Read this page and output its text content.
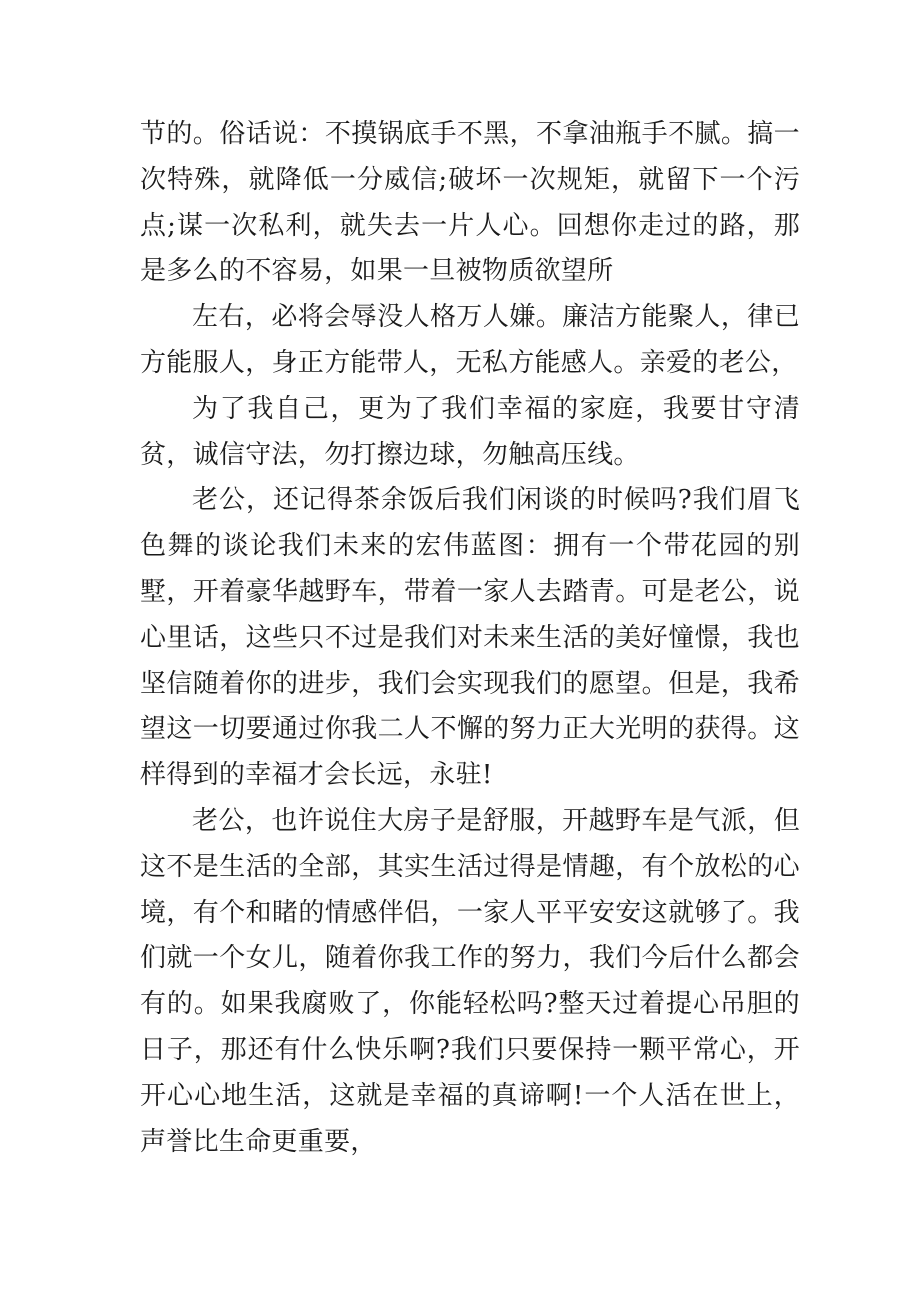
节的。俗话说：不摸锅底手不黑，不拿油瓶手不腻。搞一次特殊，就降低一分威信;破坏一次规矩，就留下一个污点;谋一次私利，就失去一片人心。回想你走过的路，那是多么的不容易，如果一旦被物质欲望所

左右，必将会辱没人格万人嫌。廉洁方能聚人，律已方能服人，身正方能带人，无私方能感人。亲爱的老公，

为了我自己，更为了我们幸福的家庭，我要甘守清贫，诚信守法，勿打擦边球，勿触高压线。

老公，还记得茶余饭后我们闲谈的时候吗?我们眉飞色舞的谈论我们未来的宏伟蓝图：拥有一个带花园的别墅，开着豪华越野车，带着一家人去踏青。可是老公，说心里话，这些只不过是我们对未来生活的美好憧憬，我也坚信随着你的进步，我们会实现我们的愿望。但是，我希望这一切要通过你我二人不懈的努力正大光明的获得。这样得到的幸福才会长远，永驻!

老公，也许说住大房子是舒服，开越野车是气派，但这不是生活的全部，其实生活过得是情趣，有个放松的心境，有个和睹的情感伴侣，一家人平平安安这就够了。我们就一个女儿，随着你我工作的努力，我们今后什么都会有的。如果我腐败了，你能轻松吗?整天过着提心吊胆的日子，那还有什么快乐啊?我们只要保持一颗平常心，开开心心地生活，这就是幸福的真谛啊!一个人活在世上，声誉比生命更重要，
